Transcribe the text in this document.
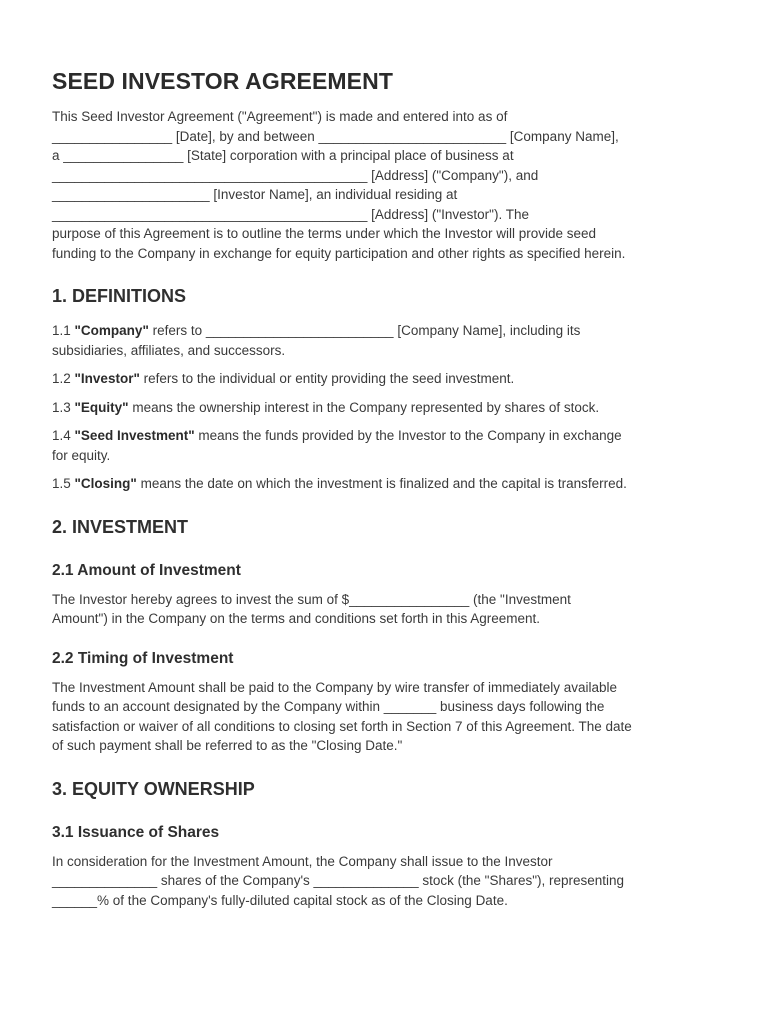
SEED INVESTOR AGREEMENT

This Seed Investor Agreement ("Agreement") is made and entered into as of
________________ [Date], by and between _________________________ [Company Name],
a ________________ [State] corporation with a principal place of business at
__________________________________________ [Address] ("Company"), and
_____________________ [Investor Name], an individual residing at
__________________________________________ [Address] ("Investor"). The
purpose of this Agreement is to outline the terms under which the Investor will provide seed
funding to the Company in exchange for equity participation and other rights as specified herein.

1. DEFINITIONS

1.1 "Company" refers to _________________________ [Company Name], including its
subsidiaries, affiliates, and successors.

1.2 "Investor" refers to the individual or entity providing the seed investment.

1.3 "Equity" means the ownership interest in the Company represented by shares of stock.

1.4 "Seed Investment" means the funds provided by the Investor to the Company in exchange
for equity.

1.5 "Closing" means the date on which the investment is finalized and the capital is transferred.

2. INVESTMENT
2.1 Amount of Investment

The Investor hereby agrees to invest the sum of $________________ (the "Investment
Amount") in the Company on the terms and conditions set forth in this Agreement.

2.2 Timing of Investment

The Investment Amount shall be paid to the Company by wire transfer of immediately available
funds to an account designated by the Company within _______ business days following the
satisfaction or waiver of all conditions to closing set forth in Section 7 of this Agreement. The date
of such payment shall be referred to as the "Closing Date."

3. EQUITY OWNERSHIP
3.1 Issuance of Shares

In consideration for the Investment Amount, the Company shall issue to the Investor
______________ shares of the Company's ______________ stock (the "Shares"), representing
______% of the Company's fully-diluted capital stock as of the Closing Date.
